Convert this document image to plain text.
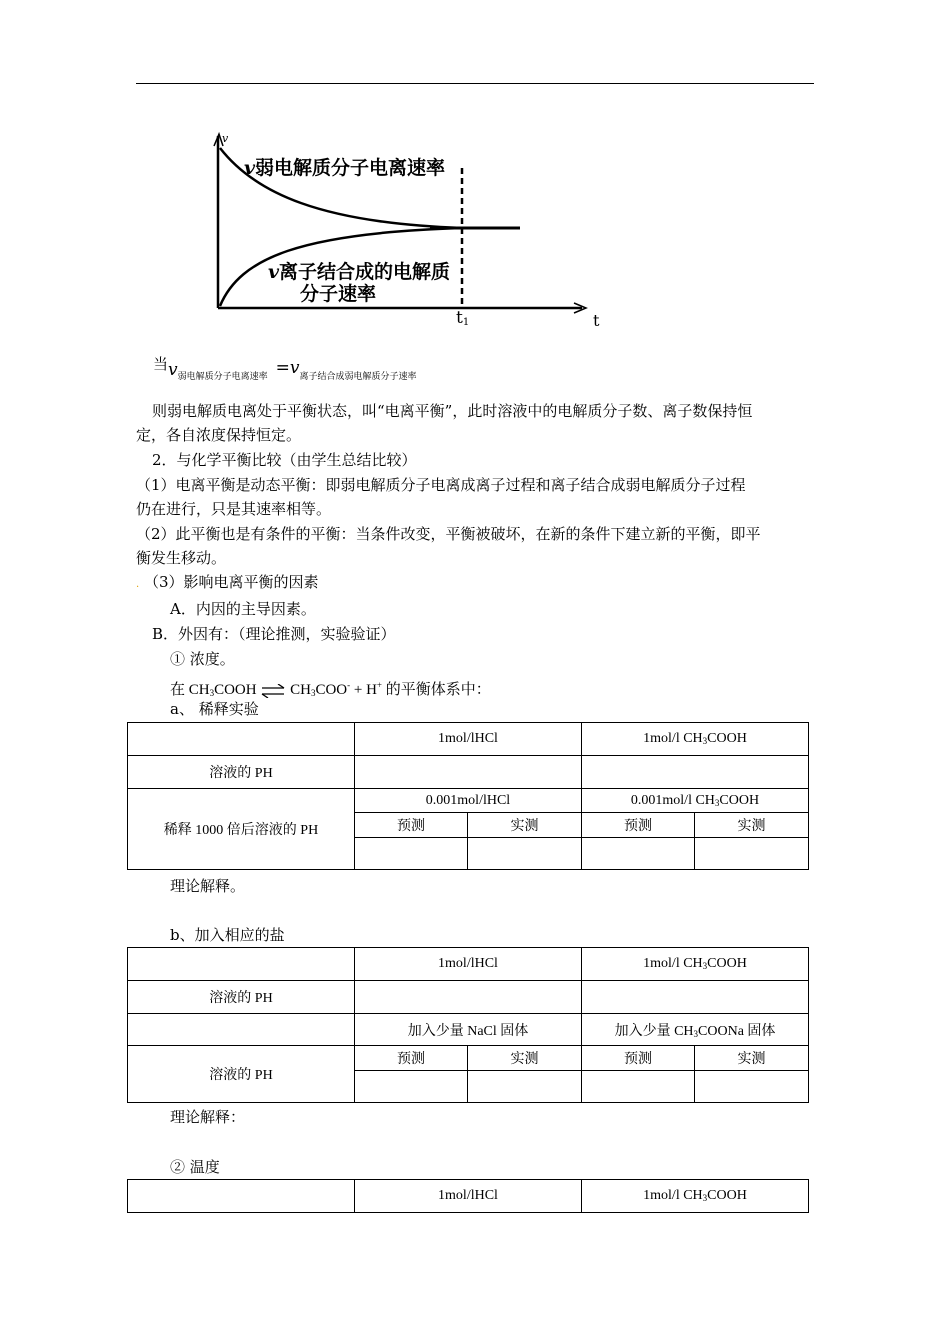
v
t
t1
v弱电解质分子电离速率
v离子结合成的电解质
分子速率
当$v_{弱电解质分子电离速率} =v_{离子结合成弱电解质分子速率}$
则弱电解质电离处于平衡状态，叫“电离平衡”，此时溶液中的电解质分子数、离子数保持恒
定，各自浓度保持恒定。
2．与化学平衡比较（由学生总结比较）
（1）电离平衡是动态平衡：即弱电解质分子电离成离子过程和离子结合成弱电解质分子过程
仍在进行，只是其速率相等。
（2）此平衡也是有条件的平衡：当条件改变，平衡被破坏，在新的条件下建立新的平衡，即平
衡发生移动。
. （3）影响电离平衡的因素
A．内因的主导因素。
B．外因有：（理论推测，实验验证）
① 浓度。
在 $CH_3COOH$ ⇌ $CH_3COO^- + H^+$ 的平衡体系中：
a、 稀释实验
	1mol/lHCl		1mol/l $CH_3COOH$	
溶液的 PH				
稀释 1000 倍后溶液的 PH	0.001mol/lHCl		0.001mol/l $CH_3COOH$	
	预测	实测	预测	实测

理论解释。
b、加入相应的盐
	1mol/lHCl		1mol/l $CH_3COOH$	
溶液的 PH				
	加入少量 NaCl 固体		加入少量 $CH_3COONa$ 固体	
溶液的 PH	预测	实测	预测	实测

理论解释：
② 温度
	1mol/lHCl	1mol/l $CH_3COOH$
